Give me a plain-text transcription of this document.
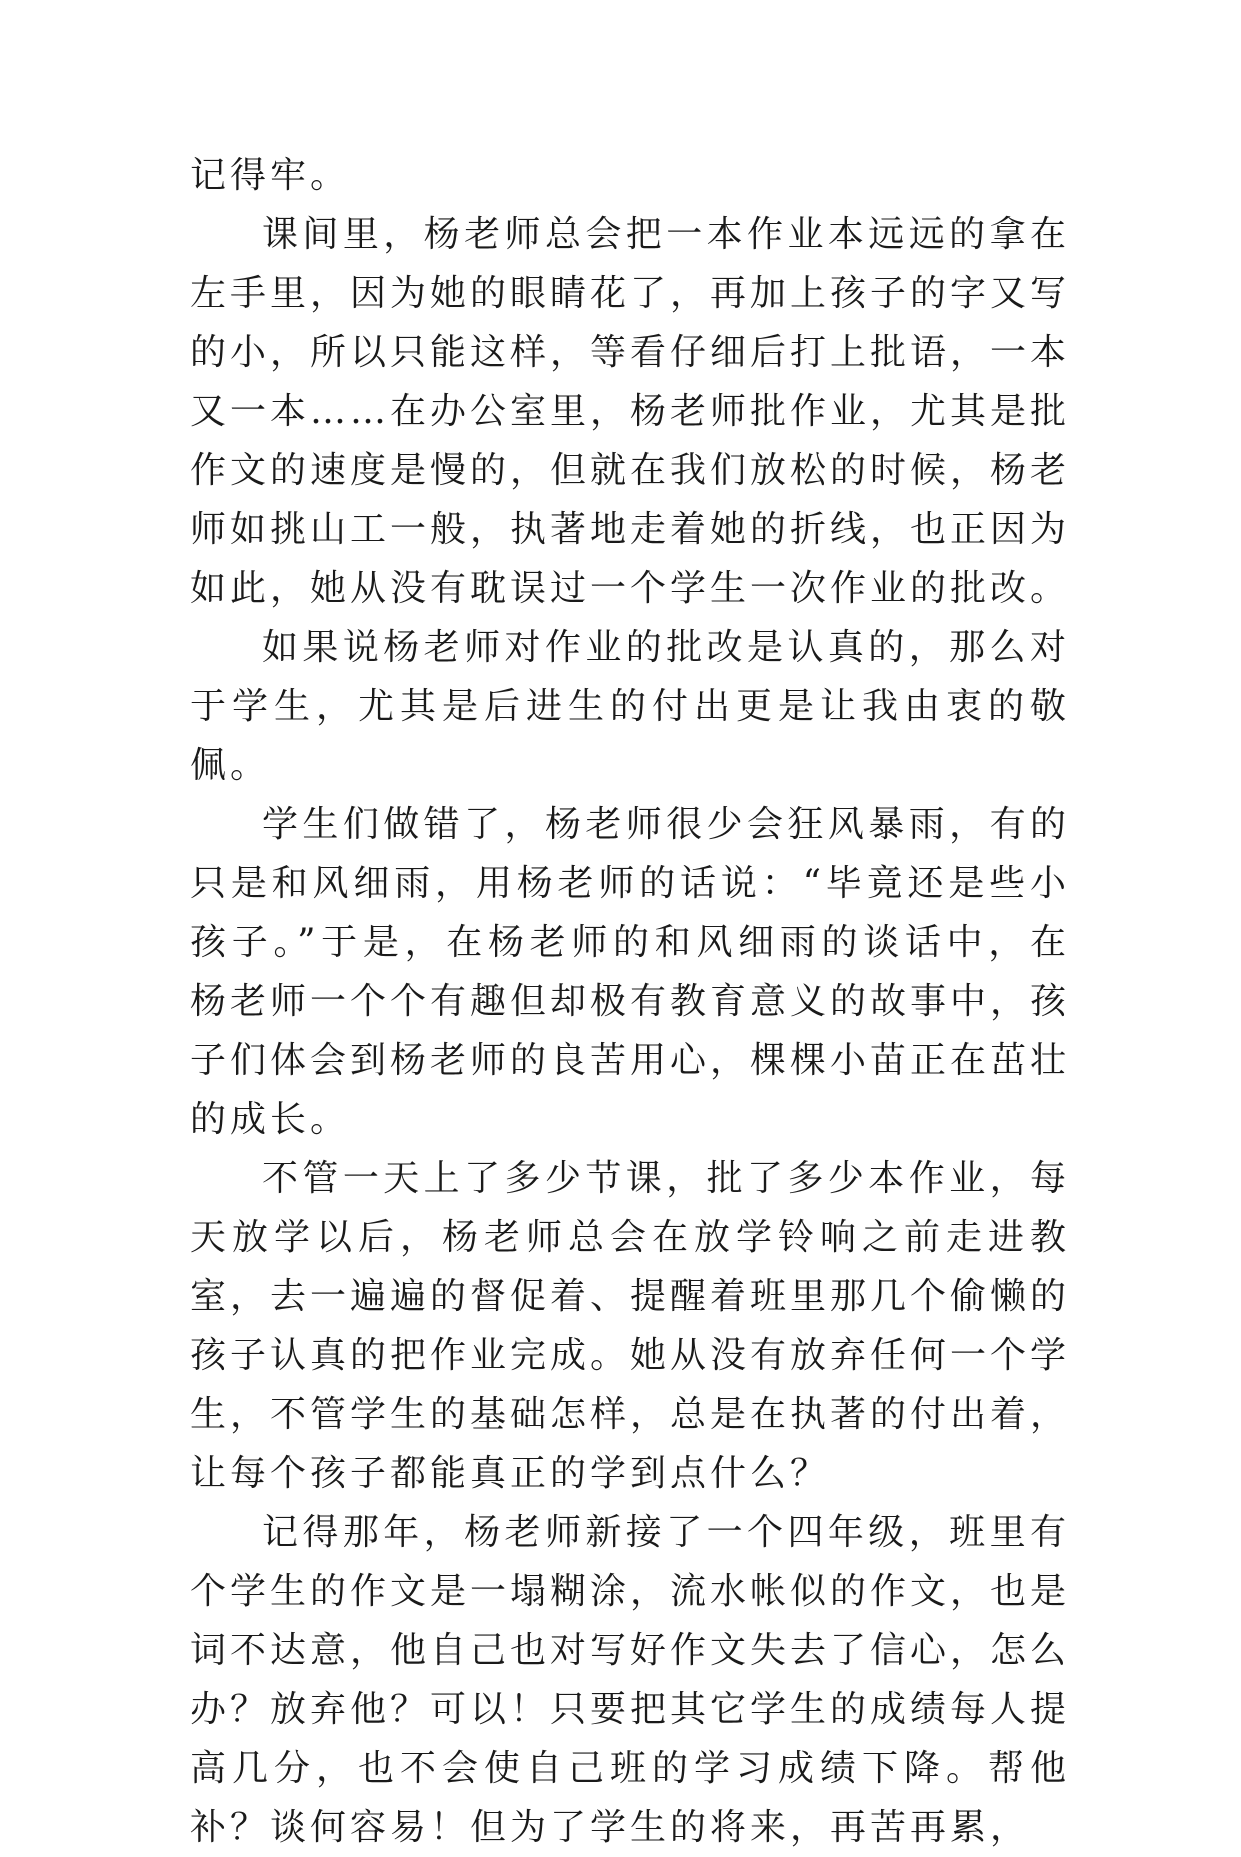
记得牢。

课间里，杨老师总会把一本作业本远远的拿在左手里，因为她的眼睛花了，再加上孩子的字又写的小，所以只能这样，等看仔细后打上批语，一本又一本……在办公室里，杨老师批作业，尤其是批作文的速度是慢的，但就在我们放松的时候，杨老师如挑山工一般，执著地走着她的折线，也正因为如此，她从没有耽误过一个学生一次作业的批改。

如果说杨老师对作业的批改是认真的，那么对于学生，尤其是后进生的付出更是让我由衷的敬佩。

学生们做错了，杨老师很少会狂风暴雨，有的只是和风细雨，用杨老师的话说：“毕竟还是些小孩子。”于是，在杨老师的和风细雨的谈话中，在杨老师一个个有趣但却极有教育意义的故事中，孩子们体会到杨老师的良苦用心，棵棵小苗正在茁壮的成长。

不管一天上了多少节课，批了多少本作业，每天放学以后，杨老师总会在放学铃响之前走进教室，去一遍遍的督促着、提醒着班里那几个偷懒的孩子认真的把作业完成。她从没有放弃任何一个学生，不管学生的基础怎样，总是在执著的付出着，让每个孩子都能真正的学到点什么？

记得那年，杨老师新接了一个四年级，班里有个学生的作文是一塌糊涂，流水帐似的作文，也是词不达意，他自己也对写好作文失去了信心，怎么办？放弃他？可以！只要把其它学生的成绩每人提高几分，也不会使自己班的学习成绩下降。帮他补？谈何容易！但为了学生的将来，再苦再累，
